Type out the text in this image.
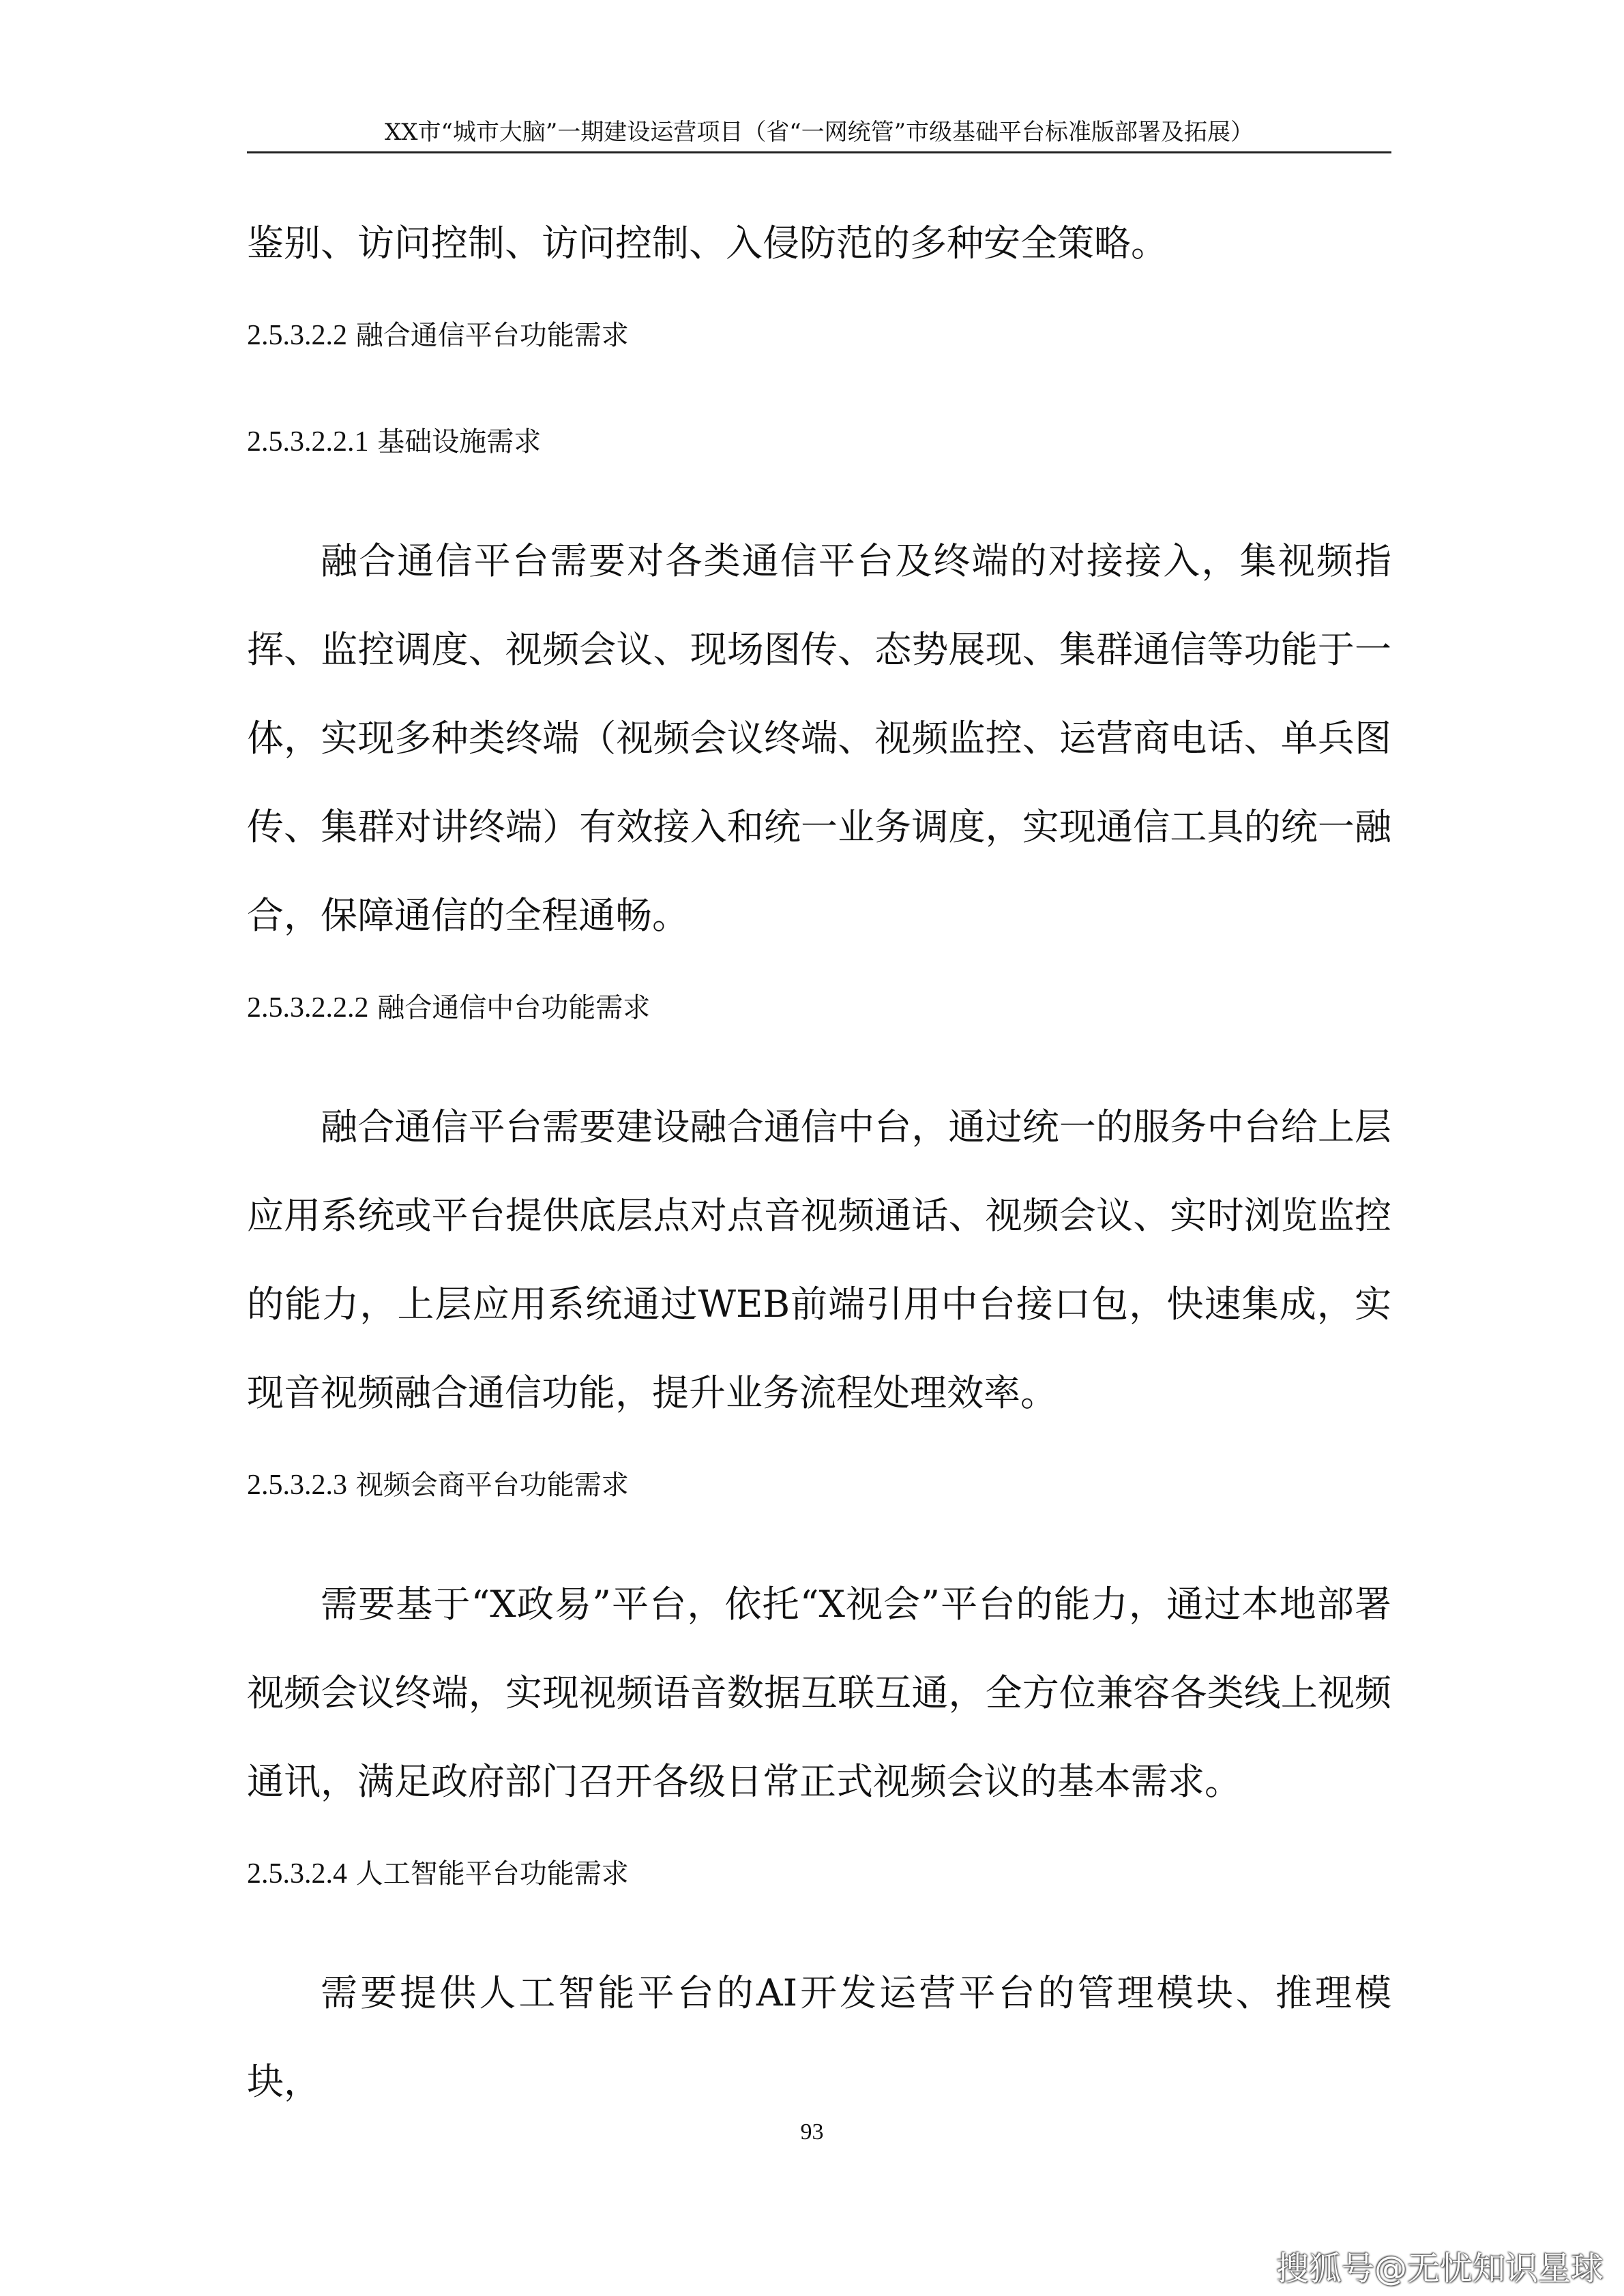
XX市“城市大脑”一期建设运营项目（省“一网统管”市级基础平台标准版部署及拓展）

鉴别、访问控制、访问控制、入侵防范的多种安全策略。

2.5.3.2.2 融合通信平台功能需求

2.5.3.2.2.1 基础设施需求

融合通信平台需要对各类通信平台及终端的对接接入，集视频指挥、监控调度、视频会议、现场图传、态势展现、集群通信等功能于一体，实现多种类终端（视频会议终端、视频监控、运营商电话、单兵图传、集群对讲终端）有效接入和统一业务调度，实现通信工具的统一融合，保障通信的全程通畅。

2.5.3.2.2.2 融合通信中台功能需求

融合通信平台需要建设融合通信中台，通过统一的服务中台给上层应用系统或平台提供底层点对点音视频通话、视频会议、实时浏览监控的能力，上层应用系统通过WEB前端引用中台接口包，快速集成，实现音视频融合通信功能，提升业务流程处理效率。

2.5.3.2.3 视频会商平台功能需求

需要基于“X政易”平台，依托“X视会”平台的能力，通过本地部署视频会议终端，实现视频语音数据互联互通，全方位兼容各类线上视频通讯，满足政府部门召开各级日常正式视频会议的基本需求。

2.5.3.2.4 人工智能平台功能需求

需要提供人工智能平台的AI开发运营平台的管理模块、推理模块，

93
搜狐号@无忧知识星球
